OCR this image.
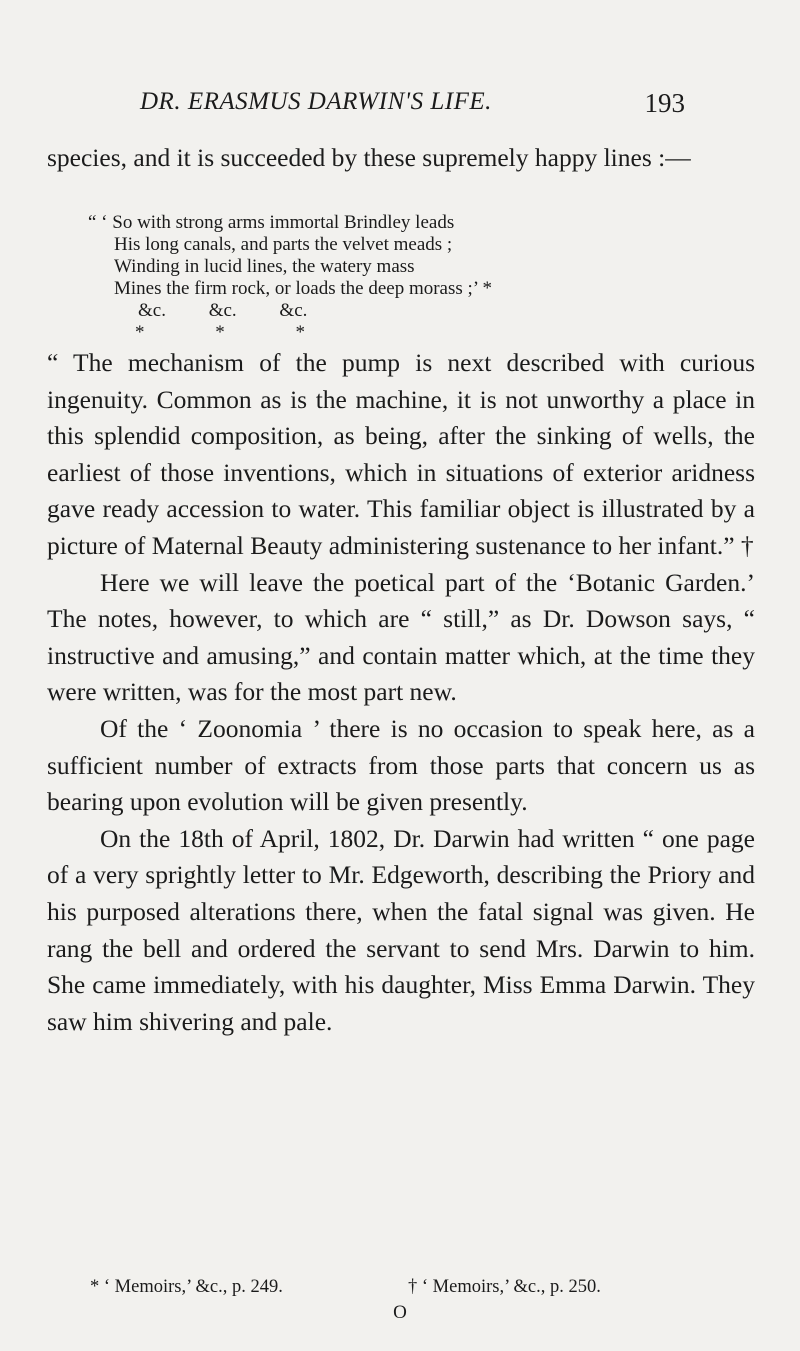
DR. ERASMUS DARWIN'S LIFE.	193

species, and it is succeeded by these supremely happy lines :—

“ ‘ So with strong arms immortal Brindley leads
His long canals, and parts the velvet meads ;
Winding in lucid lines, the watery mass
Mines the firm rock, or loads the deep morass ;’ *
&c. &c. &c.
*	*	*

“ The mechanism of the pump is next described with curious ingenuity. Common as is the machine, it is not unworthy a place in this splendid composition, as being, after the sinking of wells, the earliest of those inventions, which in situations of exterior aridness gave ready accession to water. This familiar object is illustrated by a picture of Maternal Beauty administering sustenance to her infant.” †

Here we will leave the poetical part of the ‘Botanic Garden.’ The notes, however, to which are “ still,” as Dr. Dowson says, “ instructive and amusing,” and contain matter which, at the time they were written, was for the most part new.

Of the ‘ Zoonomia ’ there is no occasion to speak here, as a sufficient number of extracts from those parts that concern us as bearing upon evolution will be given presently.

On the 18th of April, 1802, Dr. Darwin had written “ one page of a very sprightly letter to Mr. Edgeworth, describing the Priory and his purposed alterations there, when the fatal signal was given. He rang the bell and ordered the servant to send Mrs. Darwin to him. She came immediately, with his daughter, Miss Emma Darwin. They saw him shivering and pale.

* ‘ Memoirs,’ &c., p. 249.	† ‘ Memoirs,’ &c., p. 250.
O
